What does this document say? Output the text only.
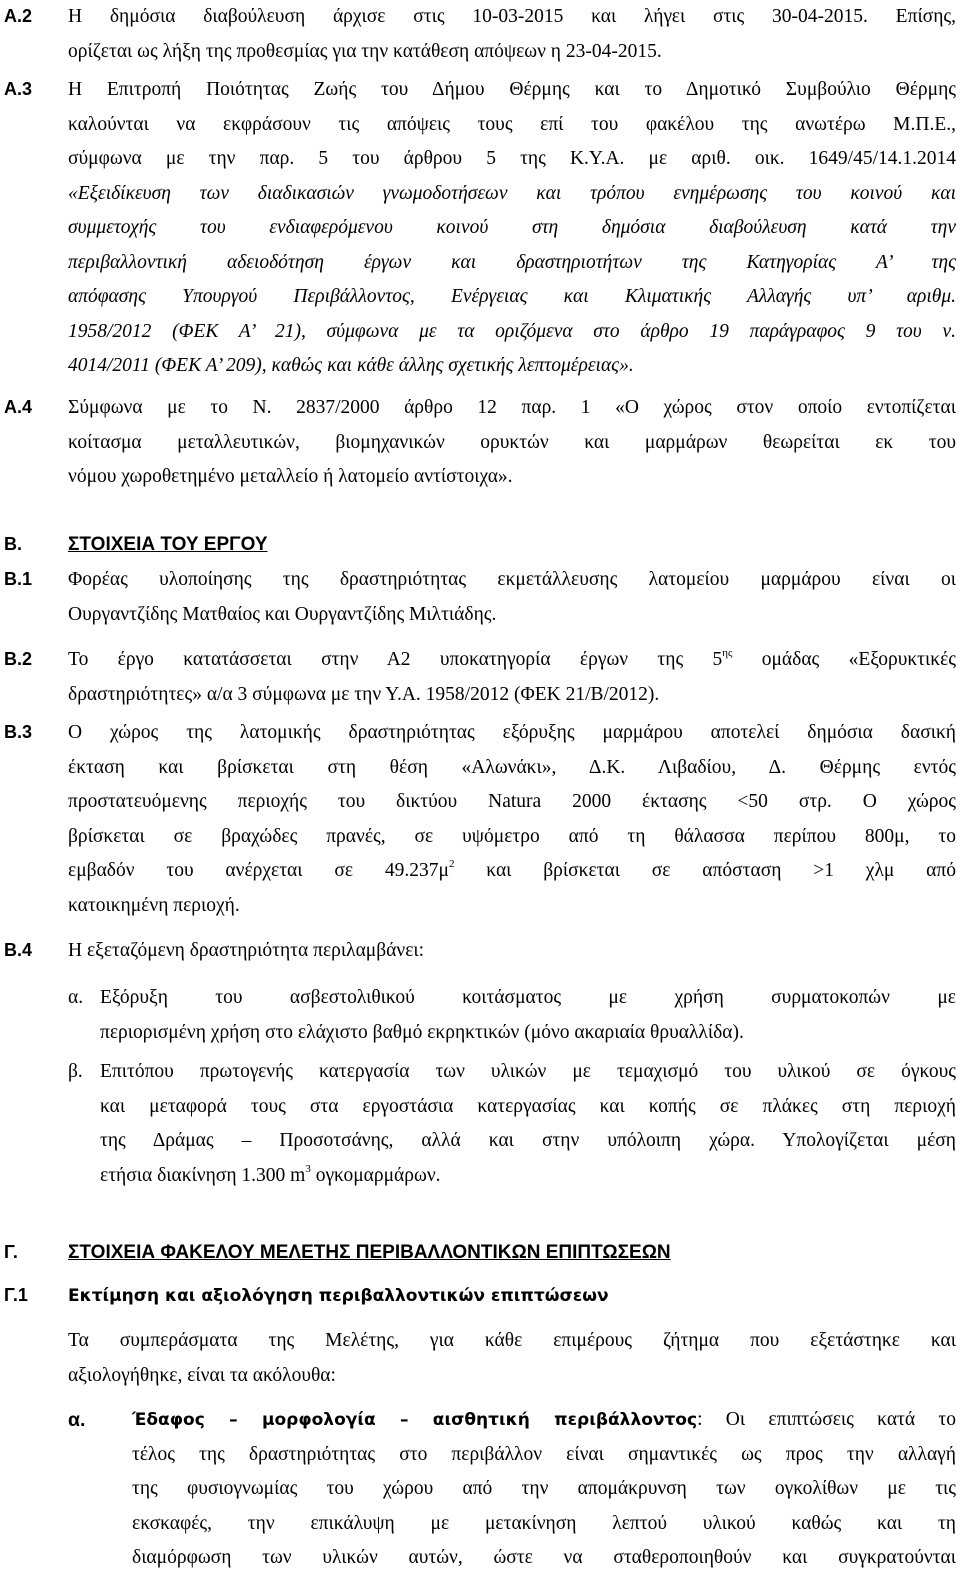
Α.2 Η δημόσια διαβούλευση άρχισε στις 10-03-2015 και λήγει στις 30-04-2015. Επίσης,
ορίζεται ως λήξη της προθεσμίας για την κατάθεση απόψεων η 23-04-2015.
Α.3 Η Επιτροπή Ποιότητας Ζωής του Δήμου Θέρμης και το Δημοτικό Συμβούλιο Θέρμης
καλούνται να εκφράσουν τις απόψεις τους επί του φακέλου της ανωτέρω Μ.Π.Ε.,
σύμφωνα με την παρ. 5 του άρθρου 5 της Κ.Υ.Α. με αριθ. οικ. 1649/45/14.1.2014
«Εξειδίκευση των διαδικασιών γνωμοδοτήσεων και τρόπου ενημέρωσης του κοινού και
συμμετοχής του ενδιαφερόμενου κοινού στη δημόσια διαβούλευση κατά την
περιβαλλοντική αδειοδότηση έργων και δραστηριοτήτων της Κατηγορίας Α’ της
απόφασης Υπουργού Περιβάλλοντος, Ενέργειας και Κλιματικής Αλλαγής υπ’ αριθμ.
1958/2012 (ΦΕΚ Α’ 21), σύμφωνα με τα οριζόμενα στο άρθρο 19 παράγραφος 9 του ν.
4014/2011 (ΦΕΚ Α’ 209), καθώς και κάθε άλλης σχετικής λεπτομέρειας».
Α.4 Σύμφωνα με το Ν. 2837/2000 άρθρο 12 παρ. 1 «Ο χώρος στον οποίο εντοπίζεται
κοίτασμα μεταλλευτικών, βιομηχανικών ορυκτών και μαρμάρων θεωρείται εκ του
νόμου χωροθετημένο μεταλλείο ή λατομείο αντίστοιχα».
Β. ΣΤΟΙΧΕΙΑ ΤΟΥ ΕΡΓΟΥ
Β.1 Φορέας υλοποίησης της δραστηριότητας εκμετάλλευσης λατομείου μαρμάρου είναι οι
Ουργαντζίδης Ματθαίος και Ουργαντζίδης Μιλτιάδης.
Β.2 Το έργο κατατάσσεται στην Α2 υποκατηγορία έργων της $5^{\eta\varsigma}$ ομάδας «Εξορυκτικές
δραστηριότητες» α/α 3 σύμφωνα με την Υ.Α. 1958/2012 (ΦΕΚ 21/Β/2012).
Β.3 Ο χώρος της λατομικής δραστηριότητας εξόρυξης μαρμάρου αποτελεί δημόσια δασική
έκταση και βρίσκεται στη θέση «Αλωνάκι», Δ.Κ. Λιβαδίου, Δ. Θέρμης εντός
προστατευόμενης περιοχής του δικτύου Natura 2000 έκτασης <50 στρ. Ο χώρος
βρίσκεται σε βραχώδες πρανές, σε υψόμετρο από τη θάλασσα περίπου 800μ, το
εμβαδόν του ανέρχεται σε $49.237\mu^2$ και βρίσκεται σε απόσταση >1 χλμ από
κατοικημένη περιοχή.
Β.4 Η εξεταζόμενη δραστηριότητα περιλαμβάνει:
α. Εξόρυξη του ασβεστολιθικού κοιτάσματος με χρήση συρματοκοπών με
περιορισμένη χρήση στο ελάχιστο βαθμό εκρηκτικών (μόνο ακαριαία θρυαλλίδα).
β. Επιτόπου πρωτογενής κατεργασία των υλικών με τεμαχισμό του υλικού σε όγκους
και μεταφορά τους στα εργοστάσια κατεργασίας και κοπής σε πλάκες στη περιοχή
της Δράμας – Προσοτσάνης, αλλά και στην υπόλοιπη χώρα. Υπολογίζεται μέση
ετήσια διακίνηση 1.300 $m^3$ ογκομαρμάρων.
Γ.	ΣΤΟΙΧΕΙΑ ΦΑΚΕΛΟΥ ΜΕΛΕΤΗΣ ΠΕΡΙΒΑΛΛΟΝΤΙΚΩΝ ΕΠΙΠΤΩΣΕΩΝ
Γ.1 Εκτίμηση και αξιολόγηση περιβαλλοντικών επιπτώσεων
Τα συμπεράσματα της Μελέτης, για κάθε επιμέρους ζήτημα που εξετάστηκε και
αξιολογήθηκε, είναι τα ακόλουθα:
α.	Έδαφος – μορφολογία – αισθητική περιβάλλοντος: Οι επιπτώσεις κατά το
τέλος της δραστηριότητας στο περιβάλλον είναι σημαντικές ως προς την αλλαγή
της φυσιογνωμίας του χώρου από την απομάκρυνση των ογκολίθων με τις
εκσκαφές, την επικάλυψη με μετακίνηση λεπτού υλικού καθώς και τη
διαμόρφωση των υλικών αυτών, ώστε να σταθεροποιηθούν και συγκρατούνται
